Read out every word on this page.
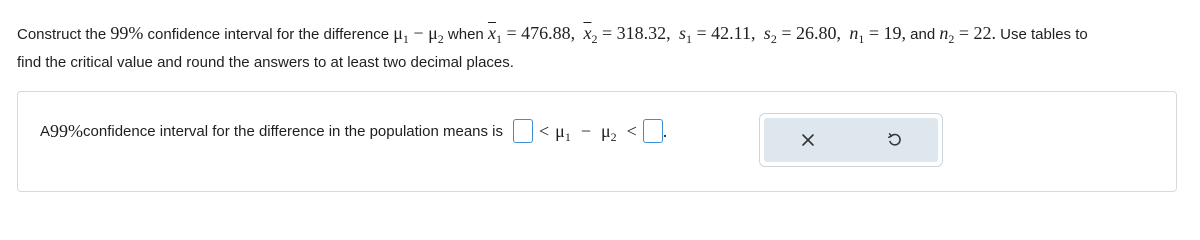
Construct the 99% confidence interval for the difference $\mu_1 - \mu_2$ when $\overline{x}_1 = 476.88$, $\overline{x}_2 = 318.32$, $s_1 = 42.11$, $s_2 = 26.80$, $n_1 = 19$, and $n_2 = 22$. Use tables to
find the critical value and round the answers to at least two decimal places.
A 99% confidence interval for the difference in the population means is < $\mu_1 - \mu_2$ < .
